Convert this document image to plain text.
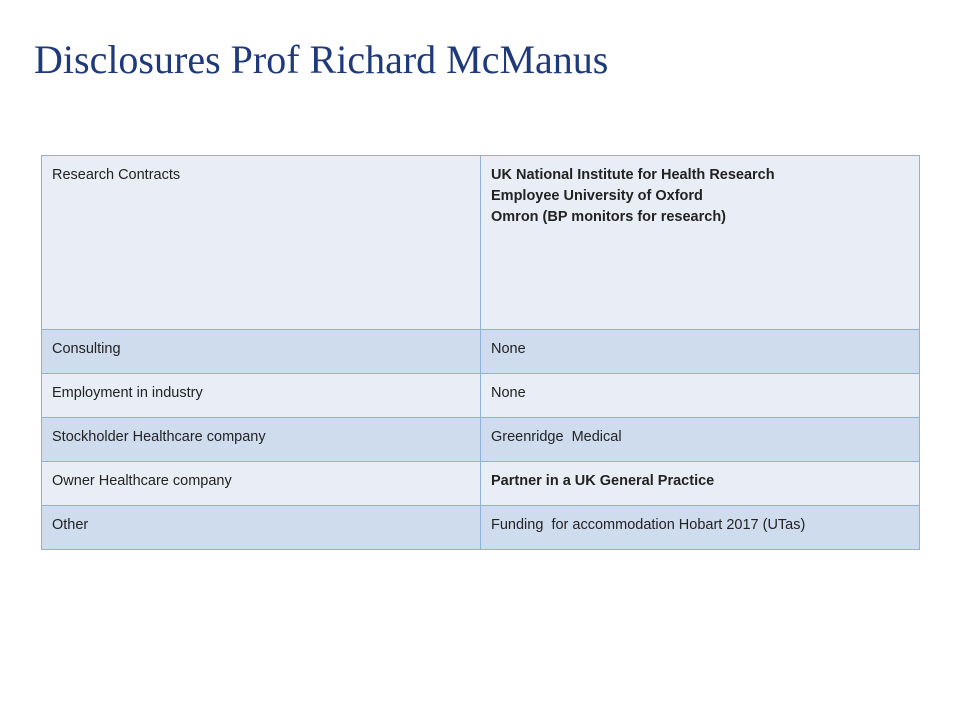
Disclosures Prof Richard McManus
Research Contracts	UK National Institute for Health Research
Employee University of Oxford
Omron (BP monitors for research)

Consulting	None

Employment in industry	None

Stockholder Healthcare company	Greenridge  Medical

Owner Healthcare company	Partner in a UK General Practice

Other	Funding  for accommodation Hobart 2017 (UTas)
